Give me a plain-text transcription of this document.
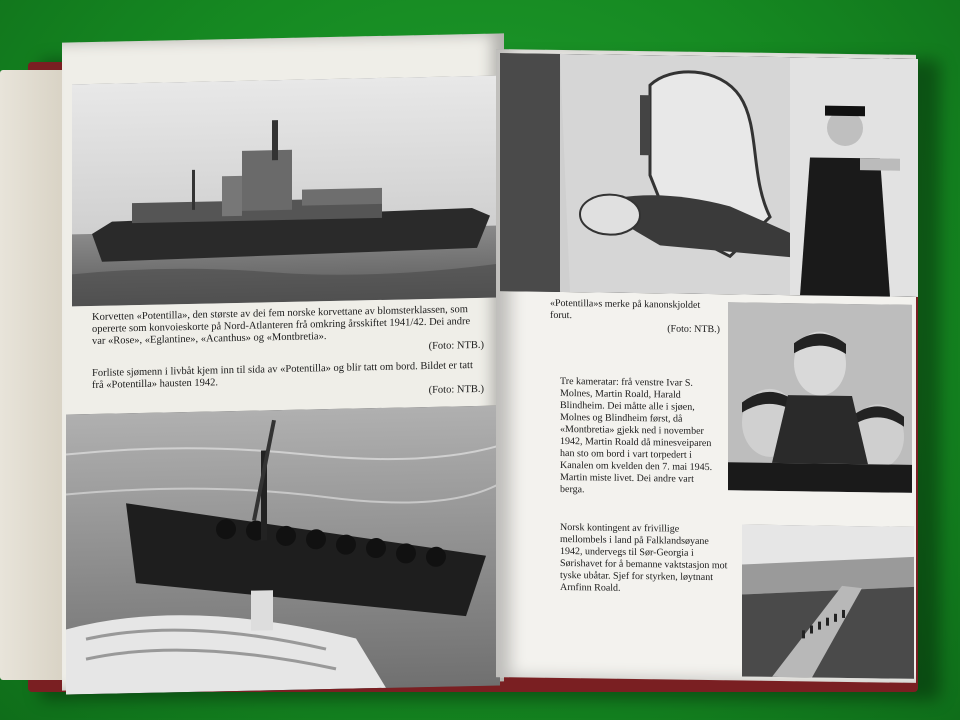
Korvetten «Potentilla», den største av dei fem norske korvettane av blomsterklassen, som opererte som konvoieskorte på Nord-Atlanteren frå omkring årsskiftet 1941/42. Dei andre var «Rose», «Eglantine», «Acanthus» og «Montbretia».	(Foto: NTB.)
Forliste sjømenn i livbåt kjem inn til sida av «Potentilla» og blir tatt om bord. Bildet er tatt frå «Potentilla» hausten 1942.	(Foto: NTB.)
«Potentilla»s merke på kanonskjoldet forut.
(Foto: NTB.)
Tre kameratar: frå venstre Ivar S. Molnes, Martin Roald, Harald Blindheim. Dei måtte alle i sjøen, Molnes og Blindheim først, då «Montbretia» gjekk ned i november 1942, Martin Roald då minesveiparen han sto om bord i vart torpedert i Kanalen om kvelden den 7. mai 1945. Martin miste livet. Dei andre vart berga.
Norsk kontingent av frivillige mellombels i land på Falklandsøyane 1942, undervegs til Sør-Georgia i Sørishavet for å bemanne vaktstasjon mot tyske ubåtar. Sjef for styrken, løytnant Arnfinn Roald.
